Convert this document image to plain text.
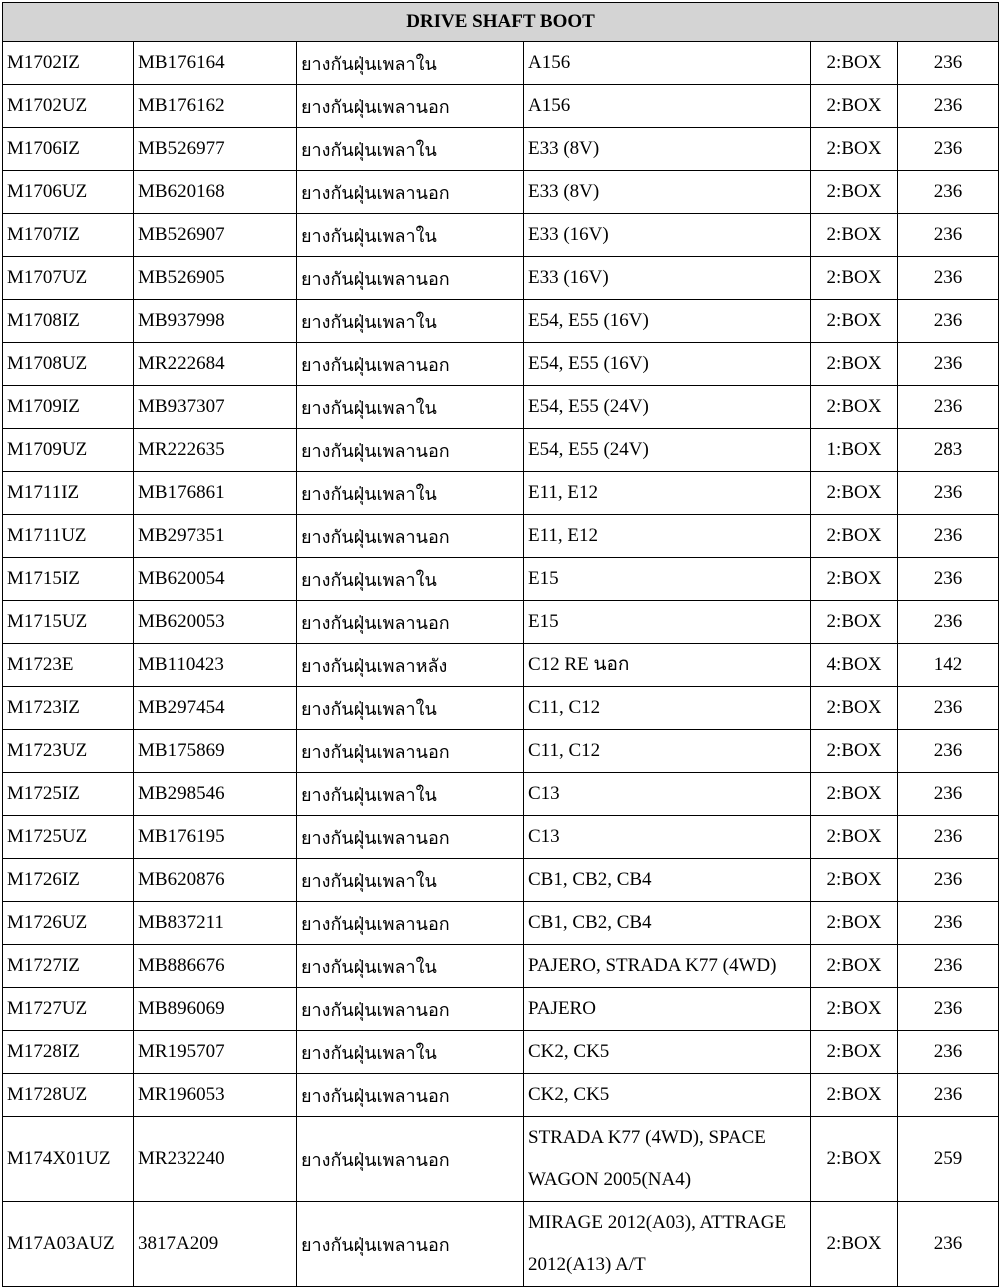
DRIVE SHAFT BOOT					
M1702IZ	MB176164	ยางกันฝุ่นเพลาใน	A156	2:BOX	236
M1702UZ	MB176162	ยางกันฝุ่นเพลานอก	A156	2:BOX	236
M1706IZ	MB526977	ยางกันฝุ่นเพลาใน	E33 (8V)	2:BOX	236
M1706UZ	MB620168	ยางกันฝุ่นเพลานอก	E33 (8V)	2:BOX	236
M1707IZ	MB526907	ยางกันฝุ่นเพลาใน	E33 (16V)	2:BOX	236
M1707UZ	MB526905	ยางกันฝุ่นเพลานอก	E33 (16V)	2:BOX	236
M1708IZ	MB937998	ยางกันฝุ่นเพลาใน	E54, E55 (16V)	2:BOX	236
M1708UZ	MR222684	ยางกันฝุ่นเพลานอก	E54, E55 (16V)	2:BOX	236
M1709IZ	MB937307	ยางกันฝุ่นเพลาใน	E54, E55 (24V)	2:BOX	236
M1709UZ	MR222635	ยางกันฝุ่นเพลานอก	E54, E55 (24V)	1:BOX	283
M1711IZ	MB176861	ยางกันฝุ่นเพลาใน	E11, E12	2:BOX	236
M1711UZ	MB297351	ยางกันฝุ่นเพลานอก	E11, E12	2:BOX	236
M1715IZ	MB620054	ยางกันฝุ่นเพลาใน	E15	2:BOX	236
M1715UZ	MB620053	ยางกันฝุ่นเพลานอก	E15	2:BOX	236
M1723E	MB110423	ยางกันฝุ่นเพลาหลัง	C12 RE นอก	4:BOX	142
M1723IZ	MB297454	ยางกันฝุ่นเพลาใน	C11, C12	2:BOX	236
M1723UZ	MB175869	ยางกันฝุ่นเพลานอก	C11, C12	2:BOX	236
M1725IZ	MB298546	ยางกันฝุ่นเพลาใน	C13	2:BOX	236
M1725UZ	MB176195	ยางกันฝุ่นเพลานอก	C13	2:BOX	236
M1726IZ	MB620876	ยางกันฝุ่นเพลาใน	CB1, CB2, CB4	2:BOX	236
M1726UZ	MB837211	ยางกันฝุ่นเพลานอก	CB1, CB2, CB4	2:BOX	236
M1727IZ	MB886676	ยางกันฝุ่นเพลาใน	PAJERO, STRADA K77 (4WD)	2:BOX	236
M1727UZ	MB896069	ยางกันฝุ่นเพลานอก	PAJERO	2:BOX	236
M1728IZ	MR195707	ยางกันฝุ่นเพลาใน	CK2, CK5	2:BOX	236
M1728UZ	MR196053	ยางกันฝุ่นเพลานอก	CK2, CK5	2:BOX	236
M174X01UZ	MR232240	ยางกันฝุ่นเพลานอก	STRADA K77 (4WD), SPACE WAGON 2005(NA4)	2:BOX	259
M17A03AUZ	3817A209	ยางกันฝุ่นเพลานอก	MIRAGE 2012(A03), ATTRAGE 2012(A13) A/T	2:BOX	236
